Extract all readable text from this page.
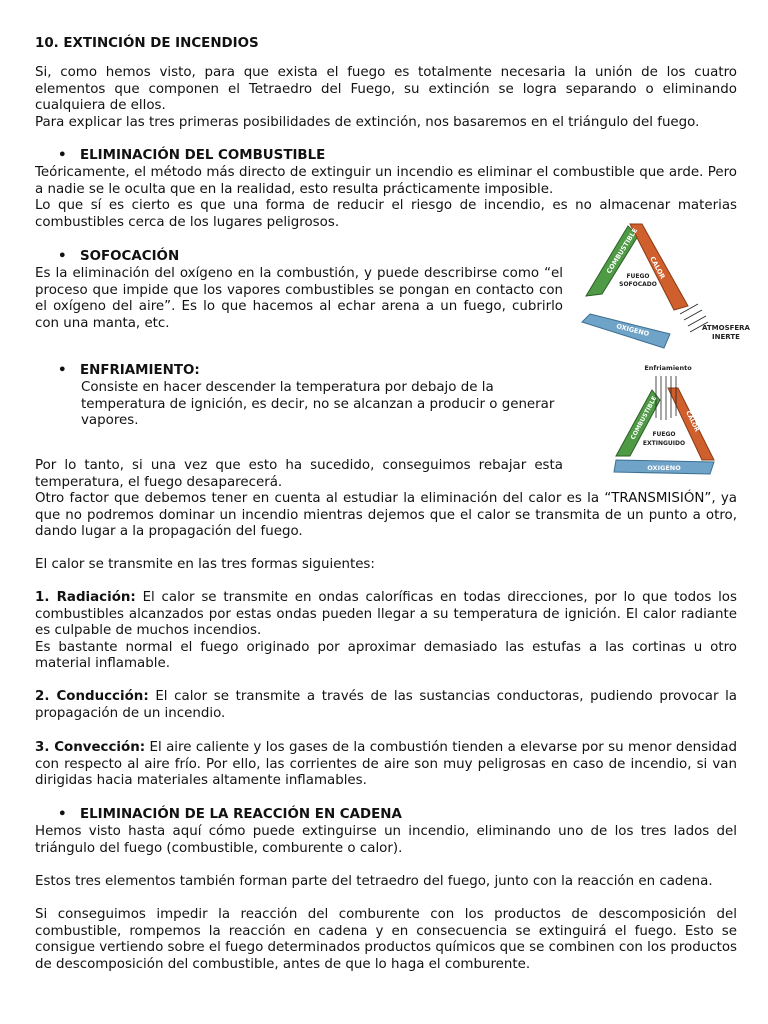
10. EXTINCIÓN DE INCENDIOS

Si, como hemos visto, para que exista el fuego es totalmente necesaria la unión de los cuatro elementos que componen el Tetraedro del Fuego, su extinción se logra separando o eliminando cualquiera de ellos.

Para explicar las tres primeras posibilidades de extinción, nos basaremos en el triángulo del fuego.

• ELIMINACIÓN DEL COMBUSTIBLE

Teóricamente, el método más directo de extinguir un incendio es eliminar el combustible que arde. Pero a nadie se le oculta que en la realidad, esto resulta prácticamente imposible.

Lo que sí es cierto es que una forma de reducir el riesgo de incendio, es no almacenar materias combustibles cerca de los lugares peligrosos.

• SOFOCACIÓN

Es la eliminación del oxígeno en la combustión, y puede describirse como “el proceso que impide que los vapores combustibles se pongan en contacto con el oxígeno del aire”. Es lo que hacemos al echar arena a un fuego, cubrirlo con una manta, etc.

COMBUSTIBLE CALOR
OXIGENO
FUEGO
SOFOCADO
ATMOSFERA
INERTE
• ENFRIAMIENTO:

Consiste en hacer descender la temperatura por debajo de la temperatura de ignición, es decir, no se alcanzan a producir o generar vapores.

Por lo tanto, si una vez que esto ha sucedido, conseguimos rebajar esta temperatura, el fuego desaparecerá.

Otro factor que debemos tener en cuenta al estudiar la eliminación del calor es la “TRANSMISIÓN”, ya que no podremos dominar un incendio mientras dejemos que el calor se transmita de un punto a otro, dando lugar a la propagación del fuego.

El calor se transmite en las tres formas siguientes:

Enfriamiento
COMBUSTIBLE	CALOR
OXIGENO
FUEGO
EXTINGUIDO

1. Radiación: El calor se transmite en ondas caloríficas en todas direcciones, por lo que todos los combustibles alcanzados por estas ondas pueden llegar a su temperatura de ignición. El calor radiante es culpable de muchos incendios.

Es bastante normal el fuego originado por aproximar demasiado las estufas a las cortinas u otro material inflamable.

2. Conducción: El calor se transmite a través de las sustancias conductoras, pudiendo provocar la propagación de un incendio.

3. Convección: El aire caliente y los gases de la combustión tienden a elevarse por su menor densidad con respecto al aire frío. Por ello, las corrientes de aire son muy peligrosas en caso de incendio, si van dirigidas hacia materiales altamente inflamables.

• ELIMINACIÓN DE LA REACCIÓN EN CADENA

Hemos visto hasta aquí cómo puede extinguirse un incendio, eliminando uno de los tres lados del triángulo del fuego (combustible, comburente o calor).

Estos tres elementos también forman parte del tetraedro del fuego, junto con la reacción en cadena.

Si conseguimos impedir la reacción del comburente con los productos de descomposición del combustible, rompemos la reacción en cadena y en consecuencia se extinguirá el fuego. Esto se consigue vertiendo sobre el fuego determinados productos químicos que se combinen con los productos de descomposición del combustible, antes de que lo haga el comburente.
